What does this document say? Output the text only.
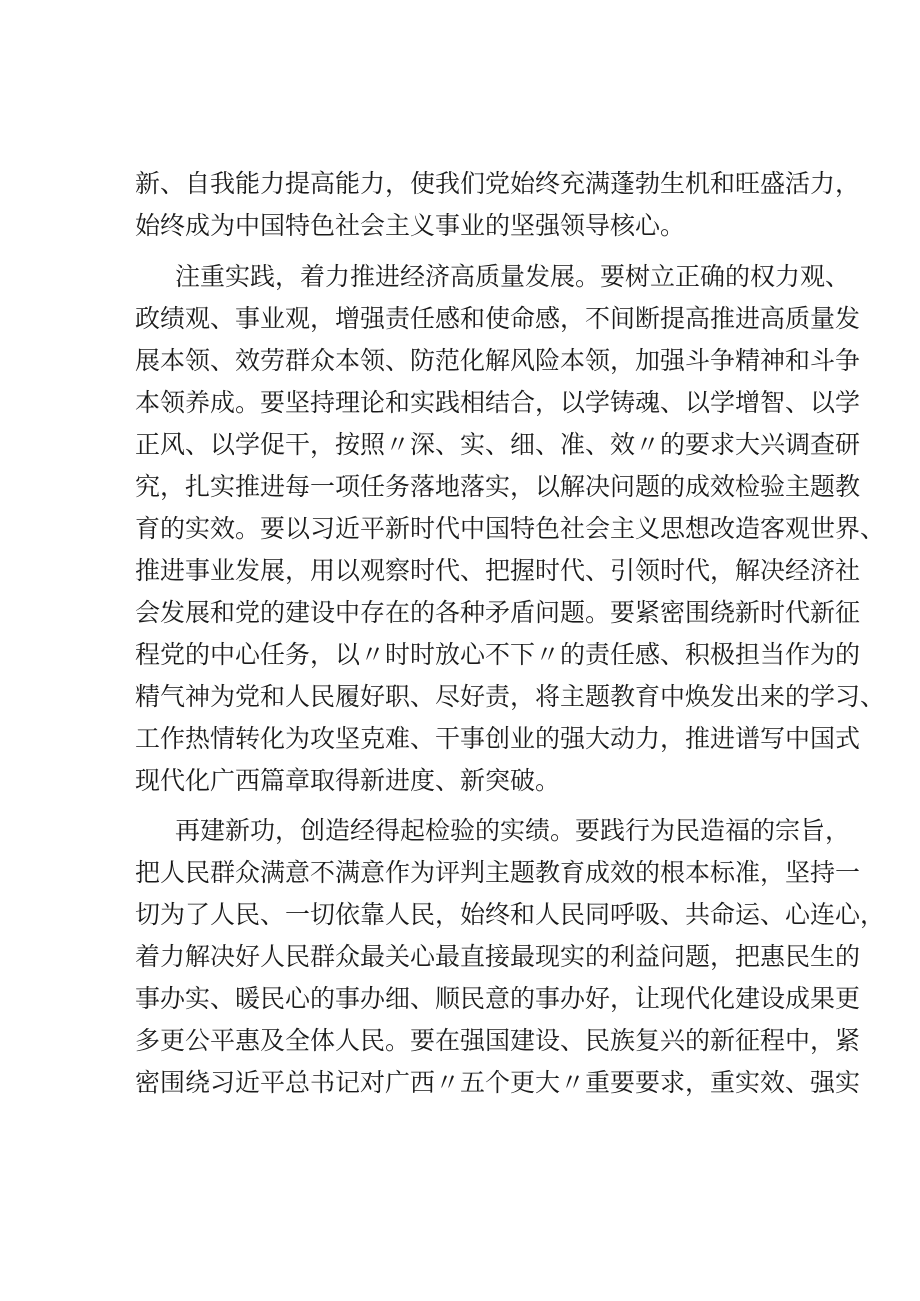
新、自我能力提高能力，使我们党始终充满蓬勃生机和旺盛活力，
始终成为中国特色社会主义事业的坚强领导核心。
注重实践，着力推进经济高质量发展。要树立正确的权力观、
政绩观、事业观，增强责任感和使命感，不间断提高推进高质量发
展本领、效劳群众本领、防范化解风险本领，加强斗争精神和斗争
本领养成。要坚持理论和实践相结合，以学铸魂、以学增智、以学
正风、以学促干，按照〃深、实、细、准、效〃的要求大兴调查研
究，扎实推进每一项任务落地落实，以解决问题的成效检验主题教
育的实效。要以习近平新时代中国特色社会主义思想改造客观世界、
推进事业发展，用以观察时代、把握时代、引领时代，解决经济社
会发展和党的建设中存在的各种矛盾问题。要紧密围绕新时代新征
程党的中心任务，以〃时时放心不下〃的责任感、积极担当作为的
精气神为党和人民履好职、尽好责，将主题教育中焕发出来的学习、
工作热情转化为攻坚克难、干事创业的强大动力，推进谱写中国式
现代化广西篇章取得新进度、新突破。
再建新功，创造经得起检验的实绩。要践行为民造福的宗旨，
把人民群众满意不满意作为评判主题教育成效的根本标准，坚持一
切为了人民、一切依靠人民，始终和人民同呼吸、共命运、心连心，
着力解决好人民群众最关心最直接最现实的利益问题，把惠民生的
事办实、暖民心的事办细、顺民意的事办好，让现代化建设成果更
多更公平惠及全体人民。要在强国建设、民族复兴的新征程中，紧
密围绕习近平总书记对广西〃五个更大〃重要要求，重实效、强实
